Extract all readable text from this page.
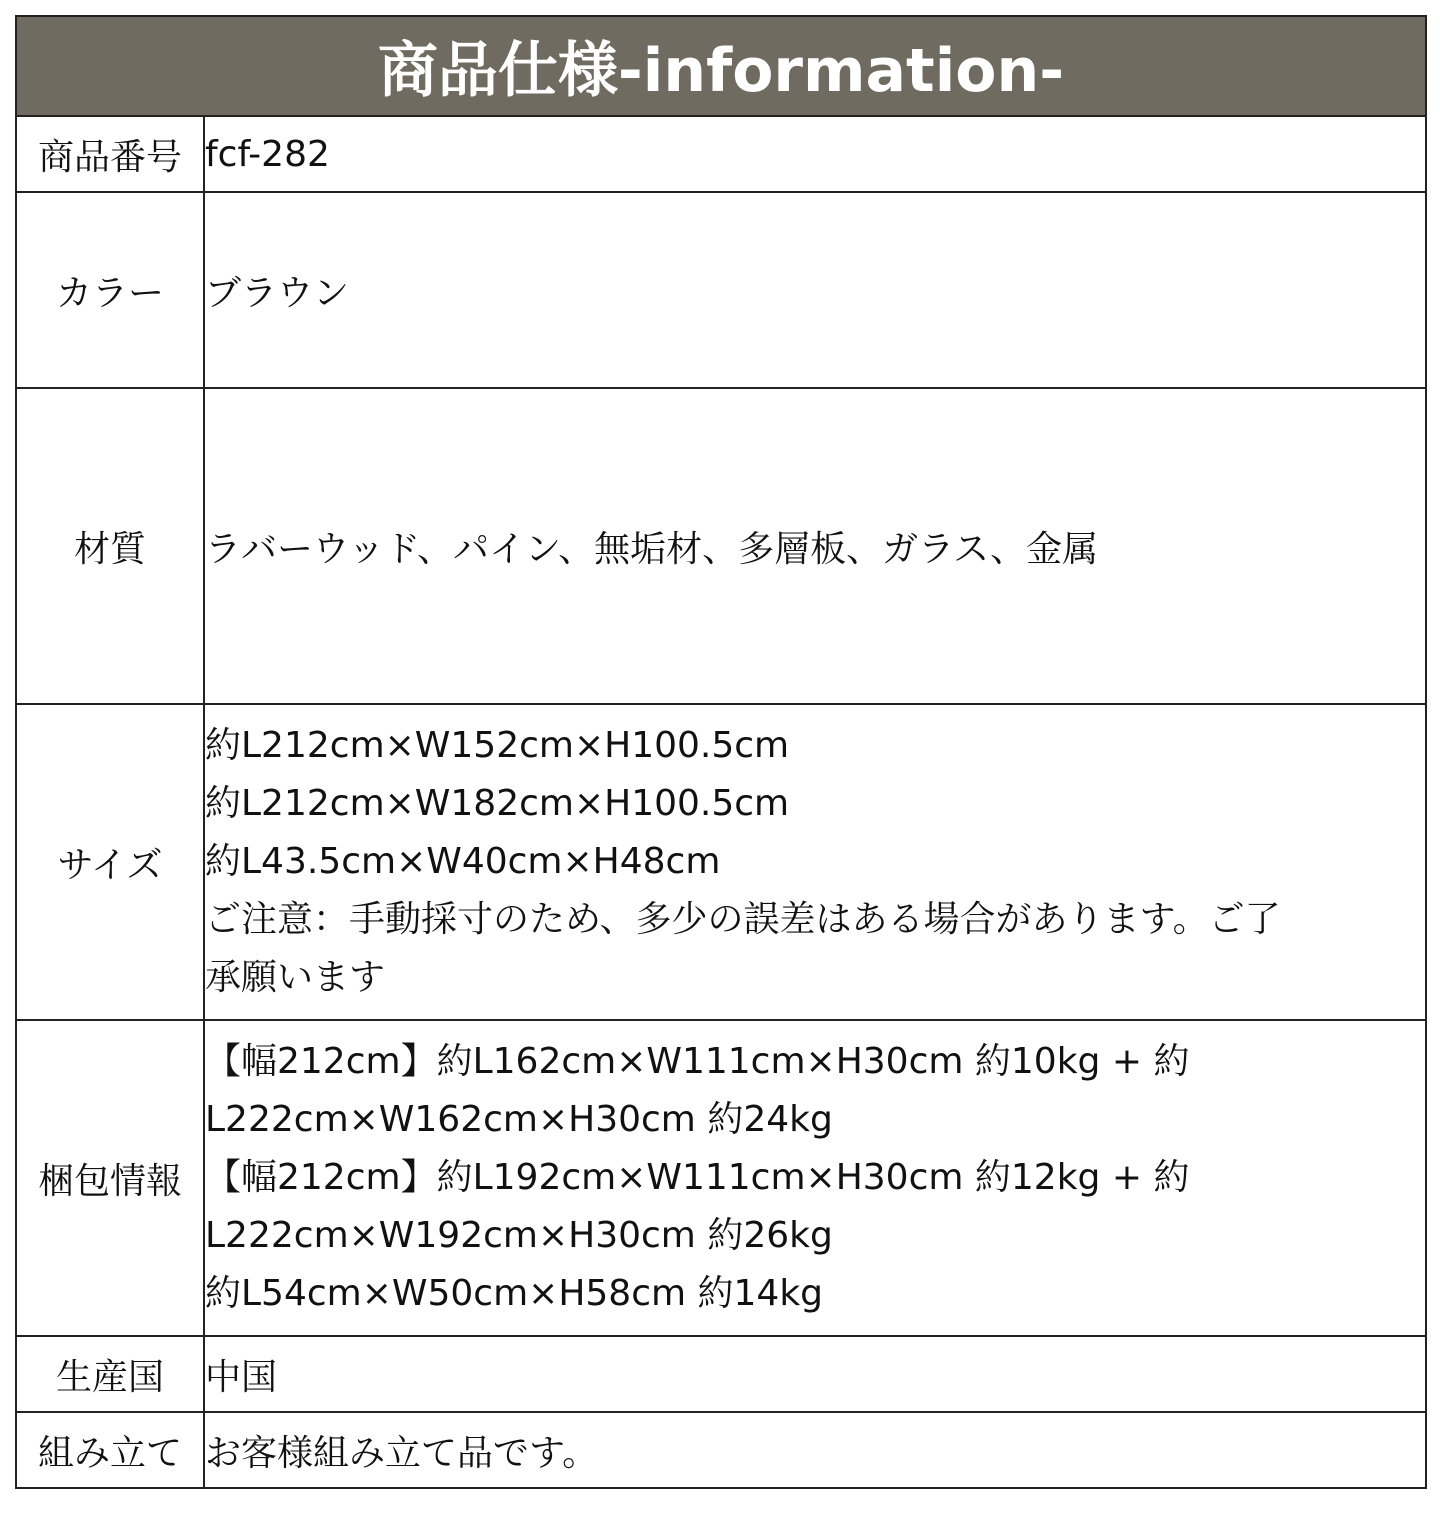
商品仕様-information-	
商品番号	fcf-282
カラー	ブラウン
材質	ラバーウッド、パイン、無垢材、多層板、ガラス、金属
サイズ	約L212cm×W152cm×H100.5cm
約L212cm×W182cm×H100.5cm
約L43.5cm×W40cm×H48cm
ご注意：手動採寸のため、多少の誤差はある場合があります。ご了
承願います

梱包情報	【幅212cm】約L162cm×W111cm×H30cm 約10kg + 約
L222cm×W162cm×H30cm 約24kg
【幅212cm】約L192cm×W111cm×H30cm 約12kg + 約
L222cm×W192cm×H30cm 約26kg
約L54cm×W50cm×H58cm 約14kg

生産国	中国
組み立て	お客様組み立て品です。
